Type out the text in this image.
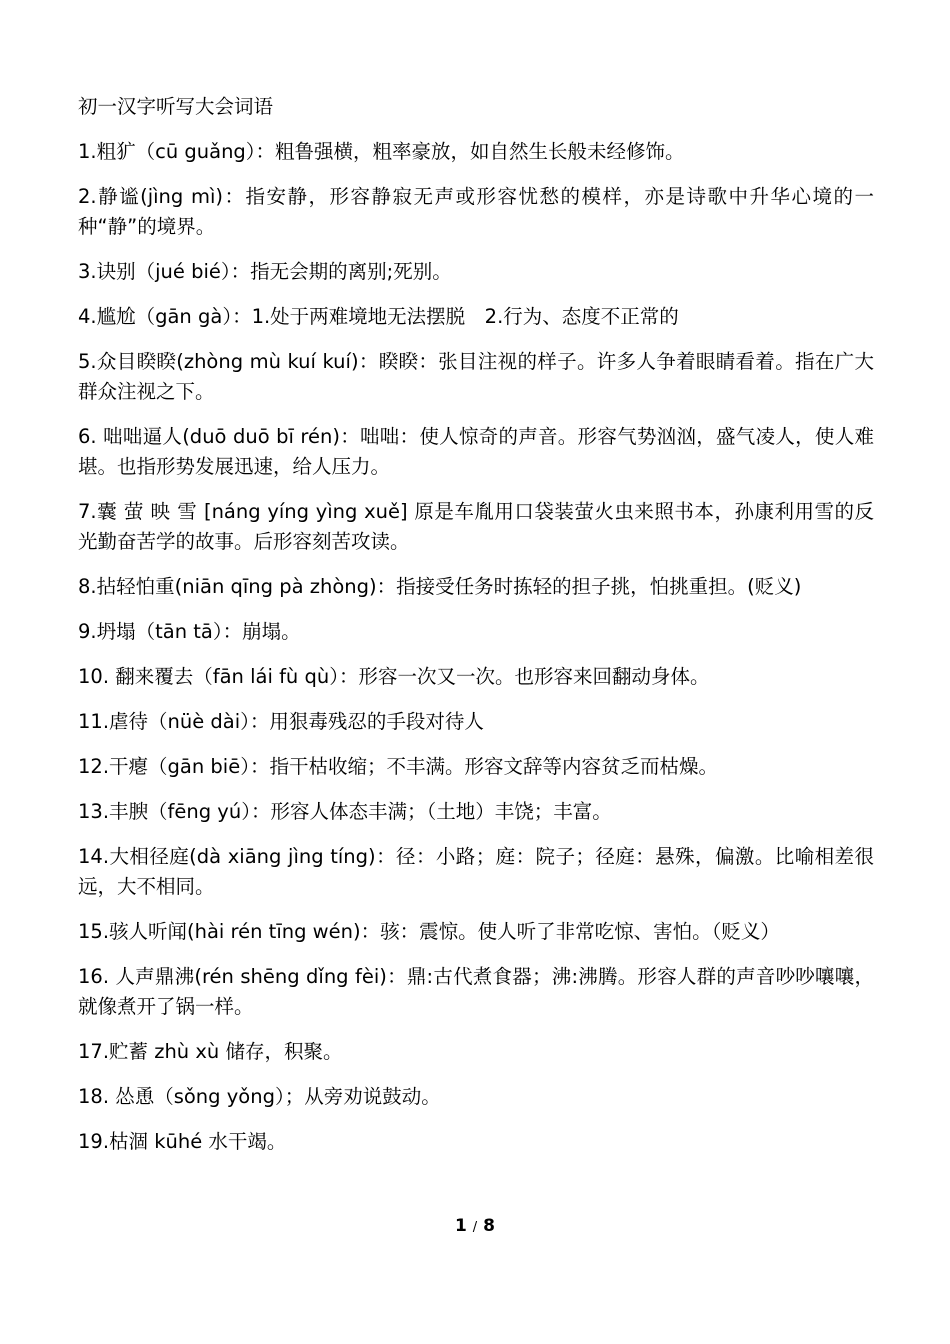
初一汉字听写大会词语
1.粗犷（cū guǎng）：粗鲁强横，粗率豪放，如自然生长般未经修饰。
2.静谧(jìng mì)：指安静，形容静寂无声或形容忧愁的模样，亦是诗歌中升华心境的一种“静”的境界。
3.诀别（jué bié）：指无会期的离别;死别。
4.尴尬（gān gà）：1.处于两难境地无法摆脱　2.行为、态度不正常的
5.众目睽睽(zhòng mù kuí kuí)：睽睽：张目注视的样子。许多人争着眼睛看着。指在广大群众注视之下。
6. 咄咄逼人(duō duō bī rén)：咄咄：使人惊奇的声音。形容气势汹汹，盛气凌人，使人难堪。也指形势发展迅速，给人压力。
7.囊 萤 映 雪 [náng yíng yìng xuě] 原是车胤用口袋装萤火虫来照书本，孙康利用雪的反光勤奋苦学的故事。后形容刻苦攻读。
8.拈轻怕重(niān qīng pà zhòng)：指接受任务时拣轻的担子挑，怕挑重担。(贬义)
9.坍塌（tān tā）：崩塌。
10. 翻来覆去（fān lái fù qù）：形容一次又一次。也形容来回翻动身体。
11.虐待（nüè dài）：用狠毒残忍的手段对待人
12.干瘪（gān biē）：指干枯收缩；不丰满。形容文辞等内容贫乏而枯燥。
13.丰腴（fēng yú）：形容人体态丰满；（土地）丰饶；丰富。
14.大相径庭(dà xiāng jìng tíng)：径：小路；庭：院子；径庭：悬殊，偏激。比喻相差很远，大不相同。
15.骇人听闻(hài rén tīng wén)：骇：震惊。使人听了非常吃惊、害怕。（贬义）
16. 人声鼎沸(rén shēng dǐng fèi)：鼎:古代煮食器；沸:沸腾。形容人群的声音吵吵嚷嚷，就像煮开了锅一样。
17.贮蓄 zhù xù 储存，积聚。
18. 怂恿（sǒng yǒng）；从旁劝说鼓动。
19.枯涸 kūhé 水干竭。
1 / 8
